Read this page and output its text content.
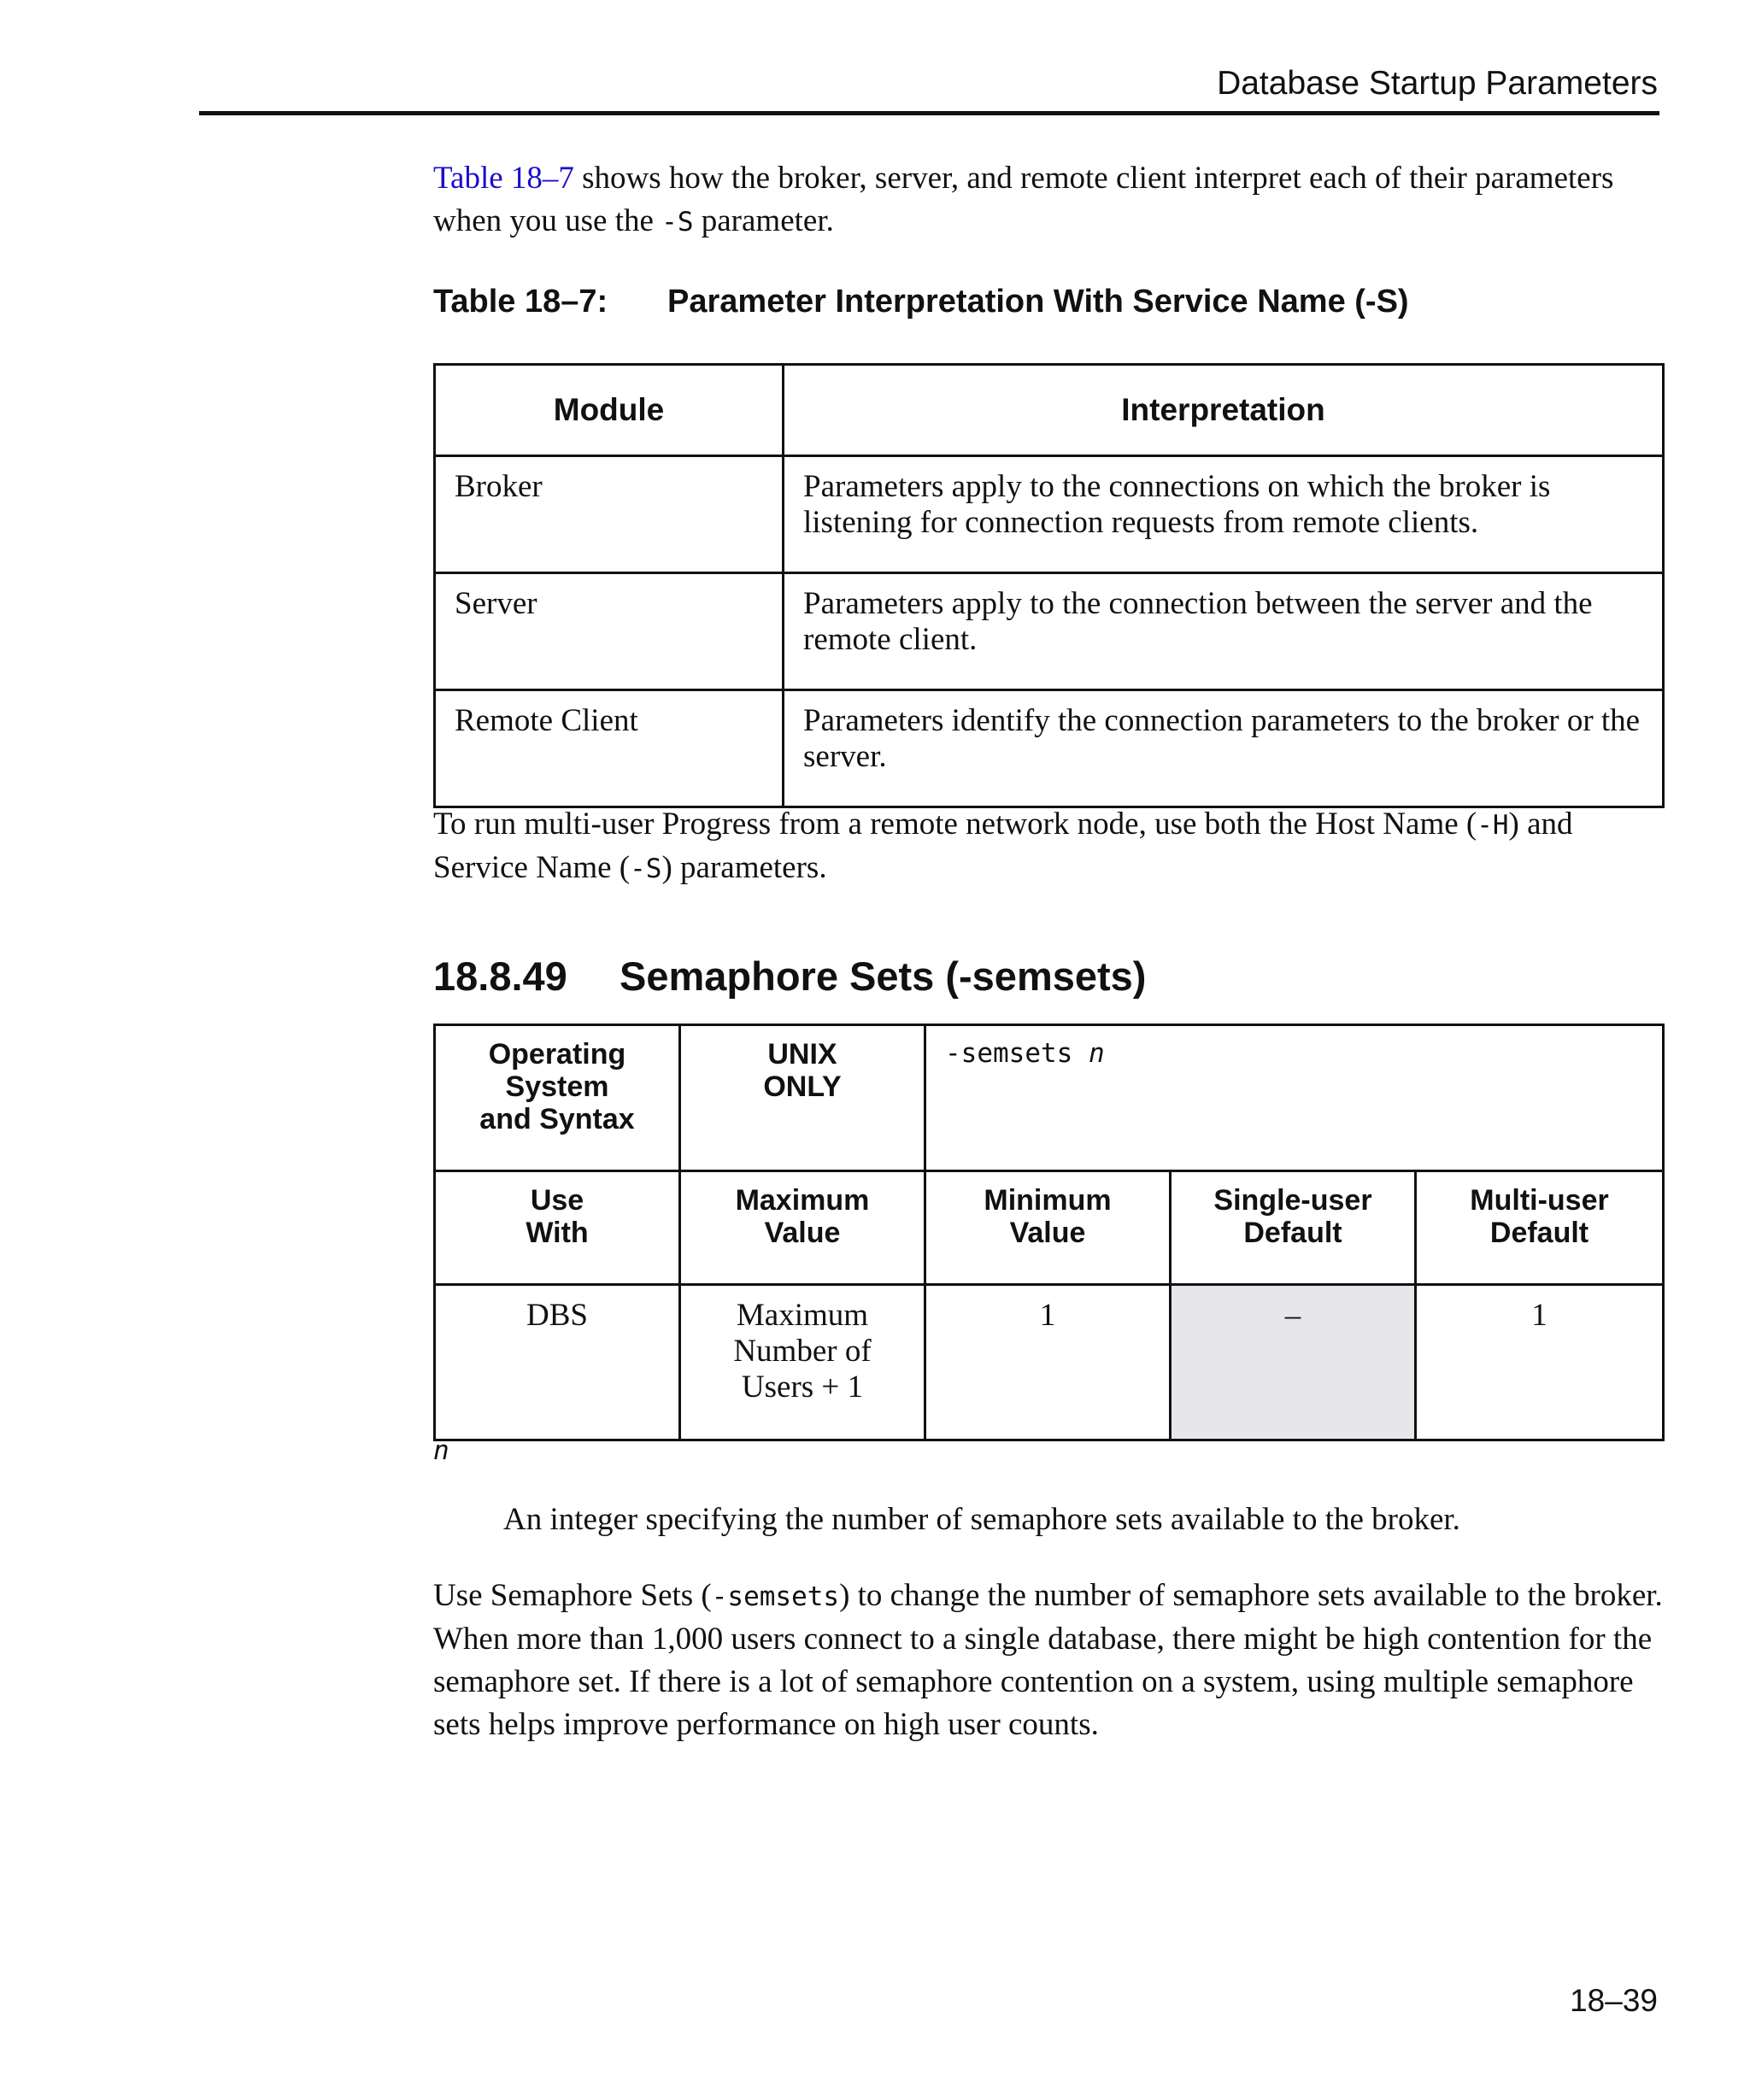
Database Startup Parameters

Table 18–7 shows how the broker, server, and remote client interpret each of their parameters when you use the -S parameter.

Table 18–7: Parameter Interpretation With Service Name (-S)
Module	Interpretation
Broker	Parameters apply to the connections on which the broker is listening for connection requests from remote clients.
Server	Parameters apply to the connection between the server and the remote client.
Remote Client	Parameters identify the connection parameters to the broker or the server.

To run multi-user Progress from a remote network node, use both the Host Name (-H) and Service Name (-S) parameters.

18.8.49 Semaphore Sets (-semsets)
Operating System and Syntax	UNIX ONLY	-semsets n		

Use With	Maximum Value	Minimum Value	Single-user Default	Multi-user Default

DBS	Maximum Number of Users + 1	1	–	1
n
An integer specifying the number of semaphore sets available to the broker.

Use Semaphore Sets (-semsets) to change the number of semaphore sets available to the broker. When more than 1,000 users connect to a single database, there might be high contention for the semaphore set. If there is a lot of semaphore contention on a system, using multiple semaphore sets helps improve performance on high user counts.

18–39
